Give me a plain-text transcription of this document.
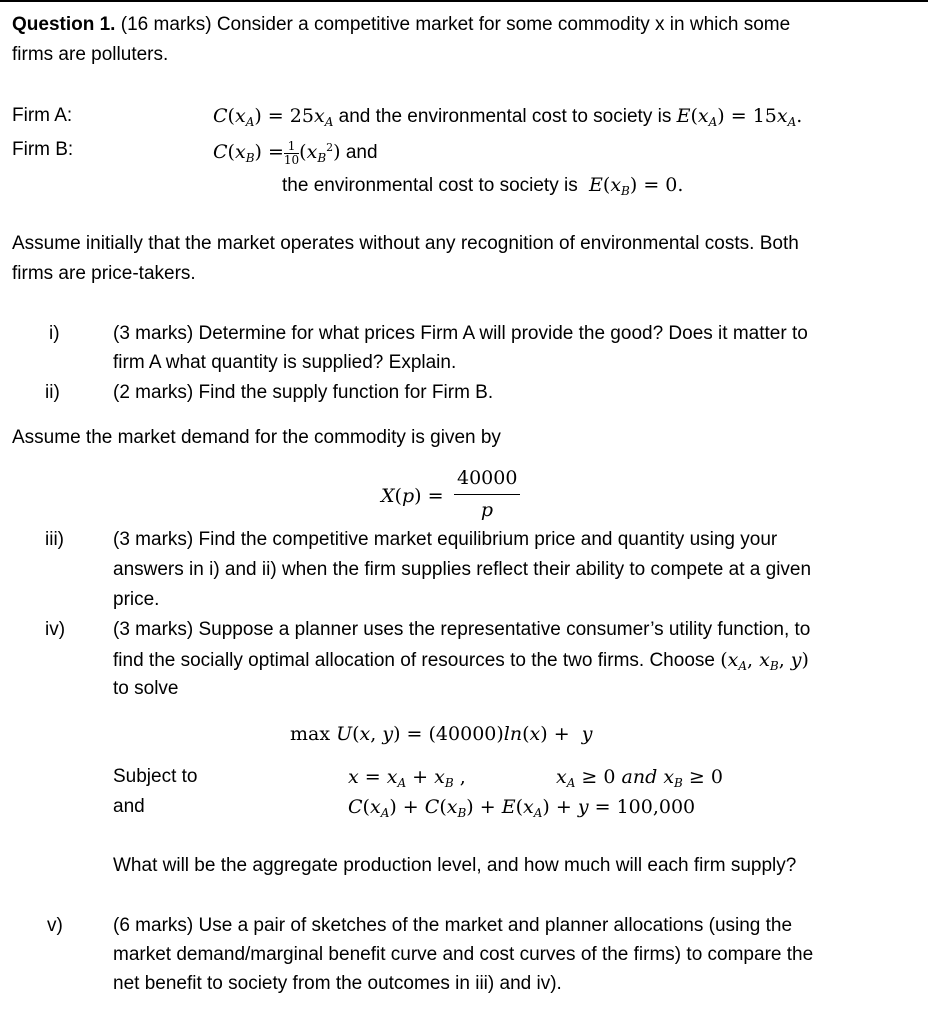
Question 1. (16 marks) Consider a competitive market for some commodity x in which some
firms are polluters.
Firm A:	$C(x_A) = 25x_A$ and the environmental cost to society is $E(x_A) = 15x_A$.
Firm B:	$C(x_B) = \frac{1}{10} (x_B^2)$ and
the environmental cost to society is $E(x_B) = 0$.
Assume initially that the market operates without any recognition of environmental costs. Both
firms are price-takers.
i)	(3 marks) Determine for what prices Firm A will provide the good? Does it matter to
firm A what quantity is supplied? Explain.
ii)	(2 marks) Find the supply function for Firm B.
Assume the market demand for the commodity is given by
$X(p) = \frac{40000}{p}$
iii)	(3 marks) Find the competitive market equilibrium price and quantity using your
answers in i) and ii) when the firm supplies reflect their ability to compete at a given
price.
iv)	(3 marks) Suppose a planner uses the representative consumer’s utility function, to
find the socially optimal allocation of resources to the two firms. Choose ($x_A$, $x_B$, y)
to solve
max U(x, y) = (40000)ln(x) +  y
Subject to	$x = x_A + x_B$ ,	$x_A \ge 0$ and $x_B \ge 0$
and	$C(x_A) + C(x_B) + E(x_A) + y = 100,000$
What will be the aggregate production level, and how much will each firm supply?
v)	(6 marks) Use a pair of sketches of the market and planner allocations (using the
market demand/marginal benefit curve and cost curves of the firms) to compare the
net benefit to society from the outcomes in iii) and iv).
